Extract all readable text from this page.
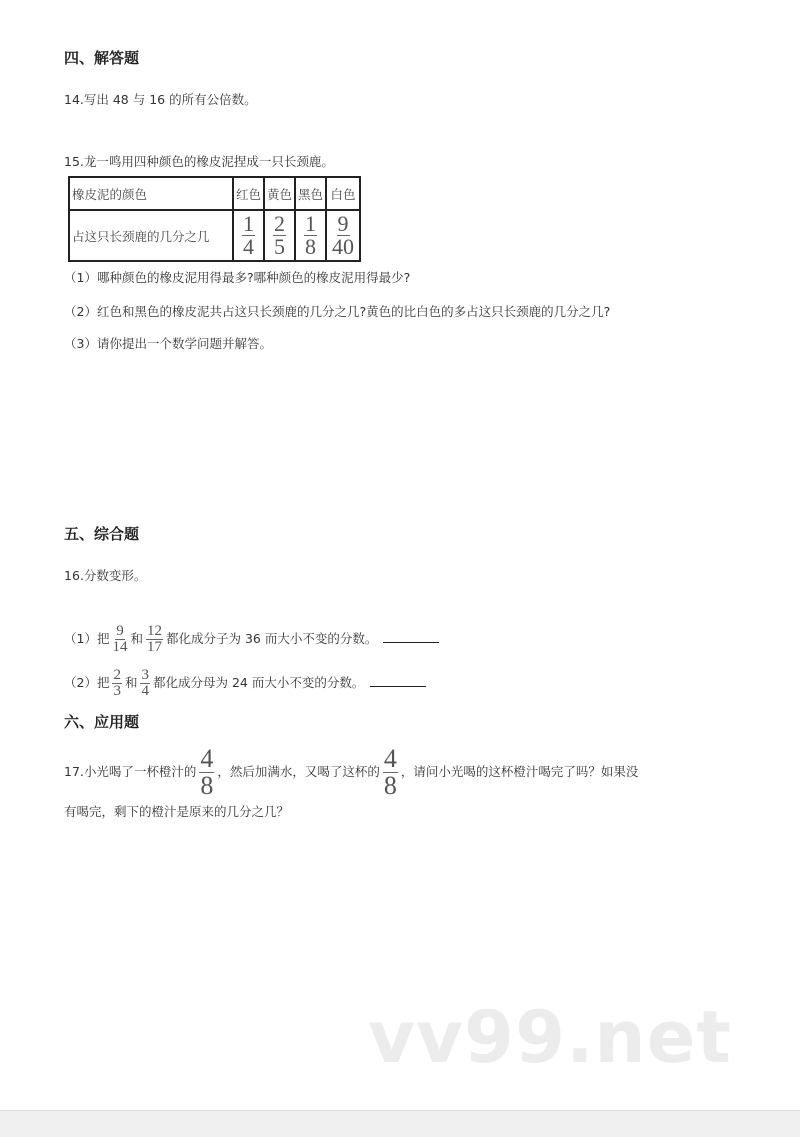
四、解答题
14.写出 48 与 16 的所有公倍数。
15.龙一鸣用四种颜色的橡皮泥捏成一只长颈鹿。
橡皮泥的颜色	红色	黄色	黑色	白色
占这只长颈鹿的几分之几	$\frac{1}{4}$	$\frac{2}{5}$	$\frac{1}{8}$	$\frac{9}{40}$
（1）哪种颜色的橡皮泥用得最多?哪种颜色的橡皮泥用得最少?
（2）红色和黑色的橡皮泥共占这只长颈鹿的几分之几?黄色的比白色的多占这只长颈鹿的几分之几?
（3）请你提出一个数学问题并解答。
五、综合题
16.分数变形。
（1）把 $\frac{9}{14}$ 和 $\frac{12}{17}$ 都化成分子为 36 而大小不变的分数。
（2）把 $\frac{2}{3}$ 和 $\frac{3}{4}$ 都化成分母为 24 而大小不变的分数。
六、应用题
17.小光喝了一杯橙汁的 $\frac{4}{8}$ ，然后加满水，又喝了这杯的 $\frac{4}{8}$ ，请问小光喝的这杯橙汁喝完了吗？如果没
有喝完，剩下的橙汁是原来的几分之几？
vv99.net
